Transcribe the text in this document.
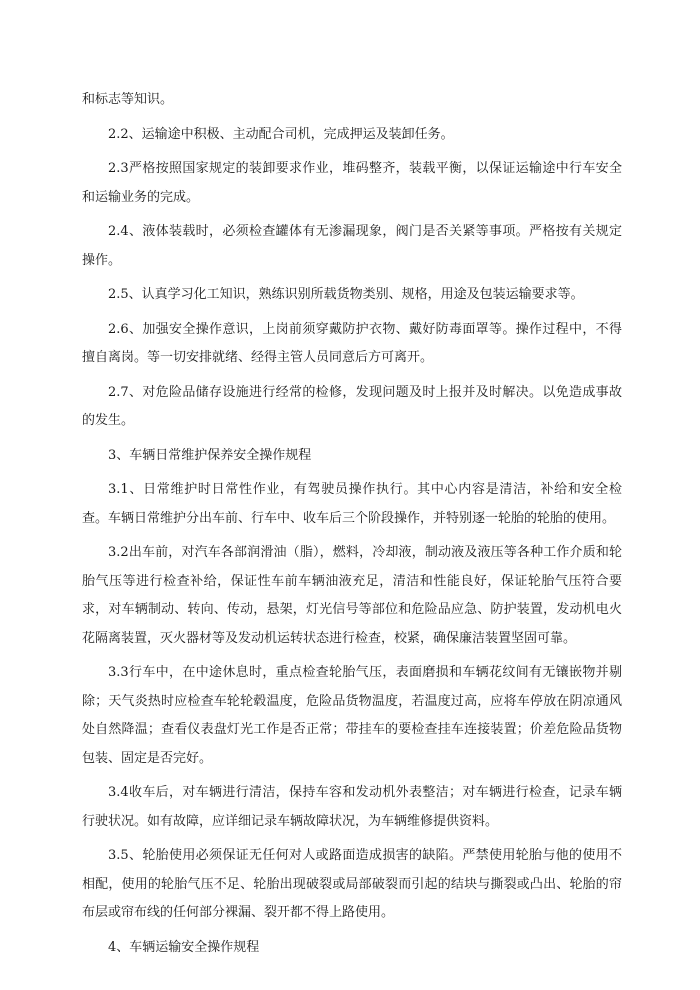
和标志等知识。

2.2、运输途中积极、主动配合司机，完成押运及装卸任务。

2.3严格按照国家规定的装卸要求作业，堆码整齐，装载平衡，以保证运输途中行车安全和运输业务的完成。

2.4、液体装载时，必须检查罐体有无渗漏现象，阀门是否关紧等事项。严格按有关规定操作。

2.5、认真学习化工知识，熟练识别所载货物类别、规格，用途及包装运输要求等。

2.6、加强安全操作意识，上岗前须穿戴防护衣物、戴好防毒面罩等。操作过程中，不得擅自离岗。等一切安排就绪、经得主管人员同意后方可离开。

2.7、对危险品储存设施进行经常的检修，发现问题及时上报并及时解决。以免造成事故的发生。

3、车辆日常维护保养安全操作规程

3.1、日常维护时日常性作业，有驾驶员操作执行。其中心内容是清洁，补给和安全检查。车辆日常维护分出车前、行车中、收车后三个阶段操作，并特别逐一轮胎的轮胎的使用。

3.2出车前，对汽车各部润滑油（脂），燃料，冷却液，制动液及液压等各种工作介质和轮胎气压等进行检查补给，保证性车前车辆油液充足，清洁和性能良好，保证轮胎气压符合要求，对车辆制动、转向、传动，悬架，灯光信号等部位和危险品应急、防护装置，发动机电火花隔离装置，灭火器材等及发动机运转状态进行检查，校紧，确保廉洁装置坚固可靠。

3.3行车中，在中途休息时，重点检查轮胎气压，表面磨损和车辆花纹间有无镶嵌物并剔除；天气炎热时应检查车轮轮毂温度，危险品货物温度，若温度过高，应将车停放在阴凉通风处自然降温；查看仪表盘灯光工作是否正常；带挂车的要检查挂车连接装置；价差危险品货物包装、固定是否完好。

3.4收车后，对车辆进行清洁，保持车容和发动机外表整洁；对车辆进行检查，记录车辆行驶状况。如有故障，应详细记录车辆故障状况，为车辆维修提供资料。

3.5、轮胎使用必须保证无任何对人或路面造成损害的缺陷。严禁使用轮胎与他的使用不相配，使用的轮胎气压不足、轮胎出现破裂或局部破裂而引起的结块与撕裂或凸出、轮胎的帘布层或帘布线的任何部分裸漏、裂开都不得上路使用。

4、车辆运输安全操作规程
